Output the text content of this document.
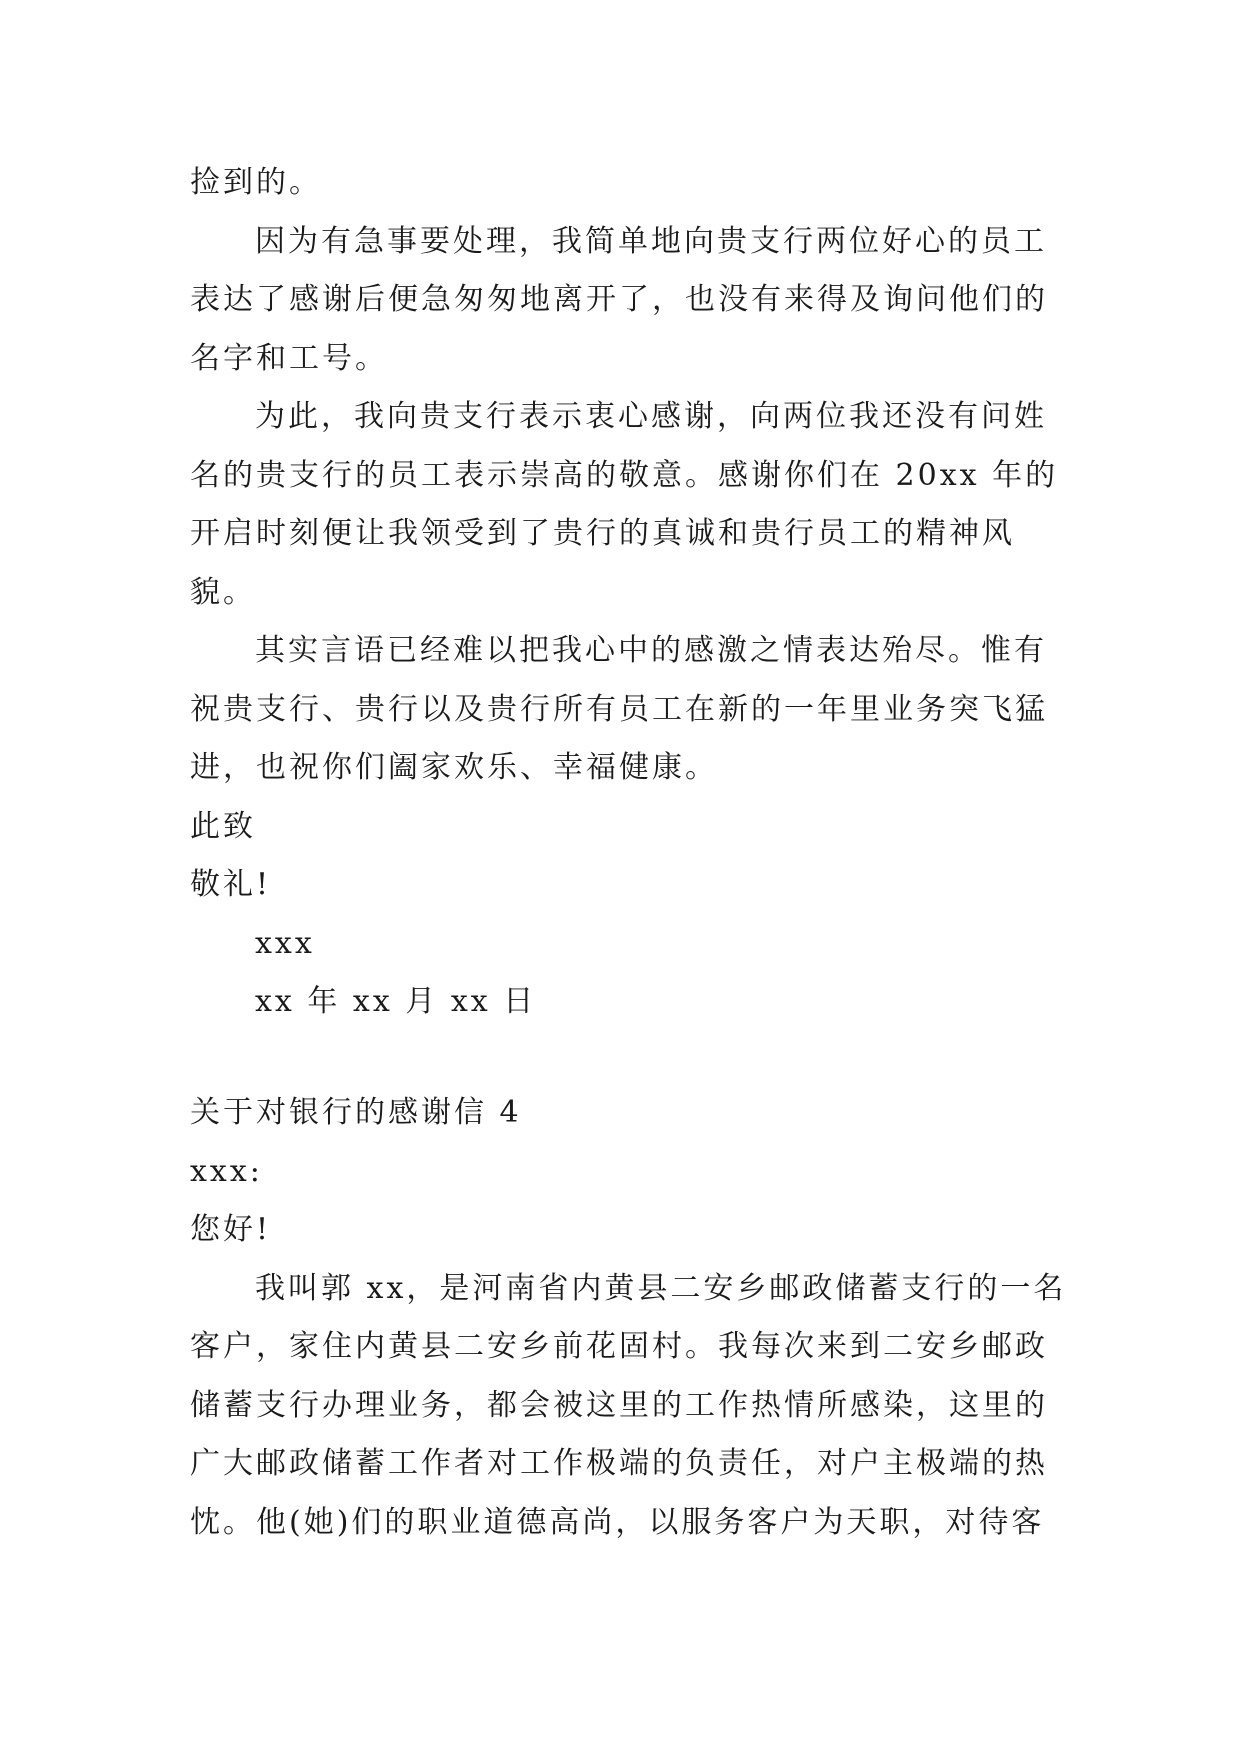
捡到的。
因为有急事要处理，我简单地向贵支行两位好心的员工
表达了感谢后便急匆匆地离开了，也没有来得及询问他们的
名字和工号。
为此，我向贵支行表示衷心感谢，向两位我还没有问姓
名的贵支行的员工表示崇高的敬意。感谢你们在 20xx 年的
开启时刻便让我领受到了贵行的真诚和贵行员工的精神风
貌。
其实言语已经难以把我心中的感激之情表达殆尽。惟有
祝贵支行、贵行以及贵行所有员工在新的一年里业务突飞猛
进，也祝你们阖家欢乐、幸福健康。
此致
敬礼!
xxx
xx 年 xx 月 xx 日
关于对银行的感谢信 4
xxx:
您好!
我叫郭 xx，是河南省内黄县二安乡邮政储蓄支行的一名
客户，家住内黄县二安乡前花固村。我每次来到二安乡邮政
储蓄支行办理业务，都会被这里的工作热情所感染，这里的
广大邮政储蓄工作者对工作极端的负责任，对户主极端的热
忱。他(她)们的职业道德高尚，以服务客户为天职，对待客
